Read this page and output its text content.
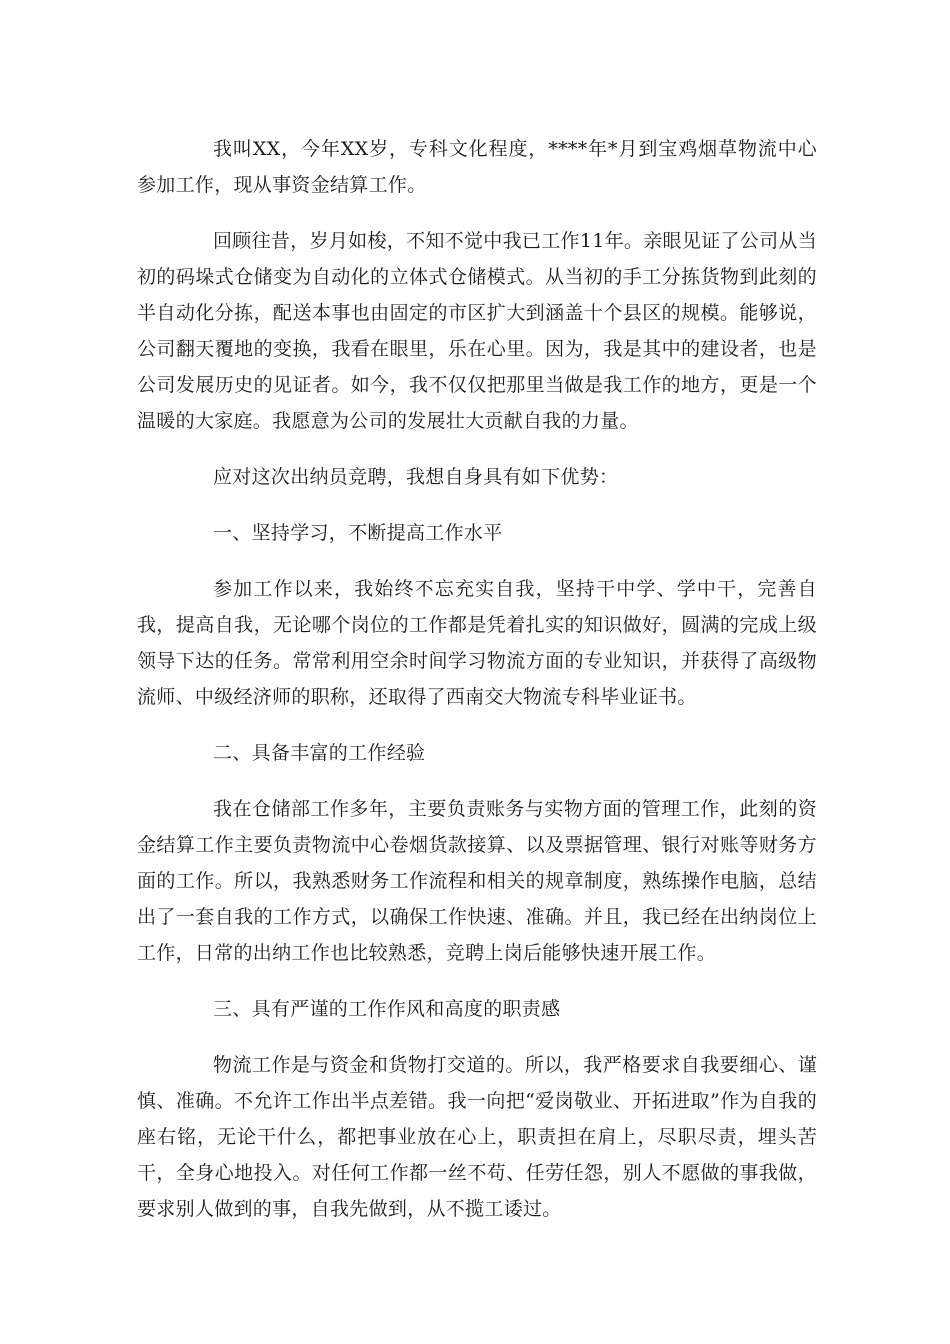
我叫XX，今年XX岁，专科文化程度，****年*月到宝鸡烟草物流中心参加工作，现从事资金结算工作。

回顾往昔，岁月如梭，不知不觉中我已工作11年。亲眼见证了公司从当初的码垛式仓储变为自动化的立体式仓储模式。从当初的手工分拣货物到此刻的半自动化分拣，配送本事也由固定的市区扩大到涵盖十个县区的规模。能够说，公司翻天覆地的变换，我看在眼里，乐在心里。因为，我是其中的建设者，也是公司发展历史的见证者。如今，我不仅仅把那里当做是我工作的地方，更是一个温暖的大家庭。我愿意为公司的发展壮大贡献自我的力量。

应对这次出纳员竞聘，我想自身具有如下优势：

一、坚持学习，不断提高工作水平

参加工作以来，我始终不忘充实自我，坚持干中学、学中干，完善自我，提高自我，无论哪个岗位的工作都是凭着扎实的知识做好，圆满的完成上级领导下达的任务。常常利用空余时间学习物流方面的专业知识，并获得了高级物流师、中级经济师的职称，还取得了西南交大物流专科毕业证书。

二、具备丰富的工作经验

我在仓储部工作多年，主要负责账务与实物方面的管理工作，此刻的资金结算工作主要负责物流中心卷烟货款接算、以及票据管理、银行对账等财务方面的工作。所以，我熟悉财务工作流程和相关的规章制度，熟练操作电脑，总结出了一套自我的工作方式，以确保工作快速、准确。并且，我已经在出纳岗位上工作，日常的出纳工作也比较熟悉，竞聘上岗后能够快速开展工作。

三、具有严谨的工作作风和高度的职责感

物流工作是与资金和货物打交道的。所以，我严格要求自我要细心、谨慎、准确。不允许工作出半点差错。我一向把“爱岗敬业、开拓进取”作为自我的座右铭，无论干什么，都把事业放在心上，职责担在肩上，尽职尽责，埋头苦干，全身心地投入。对任何工作都一丝不苟、任劳任怨，别人不愿做的事我做，要求别人做到的事，自我先做到，从不揽工诿过。
